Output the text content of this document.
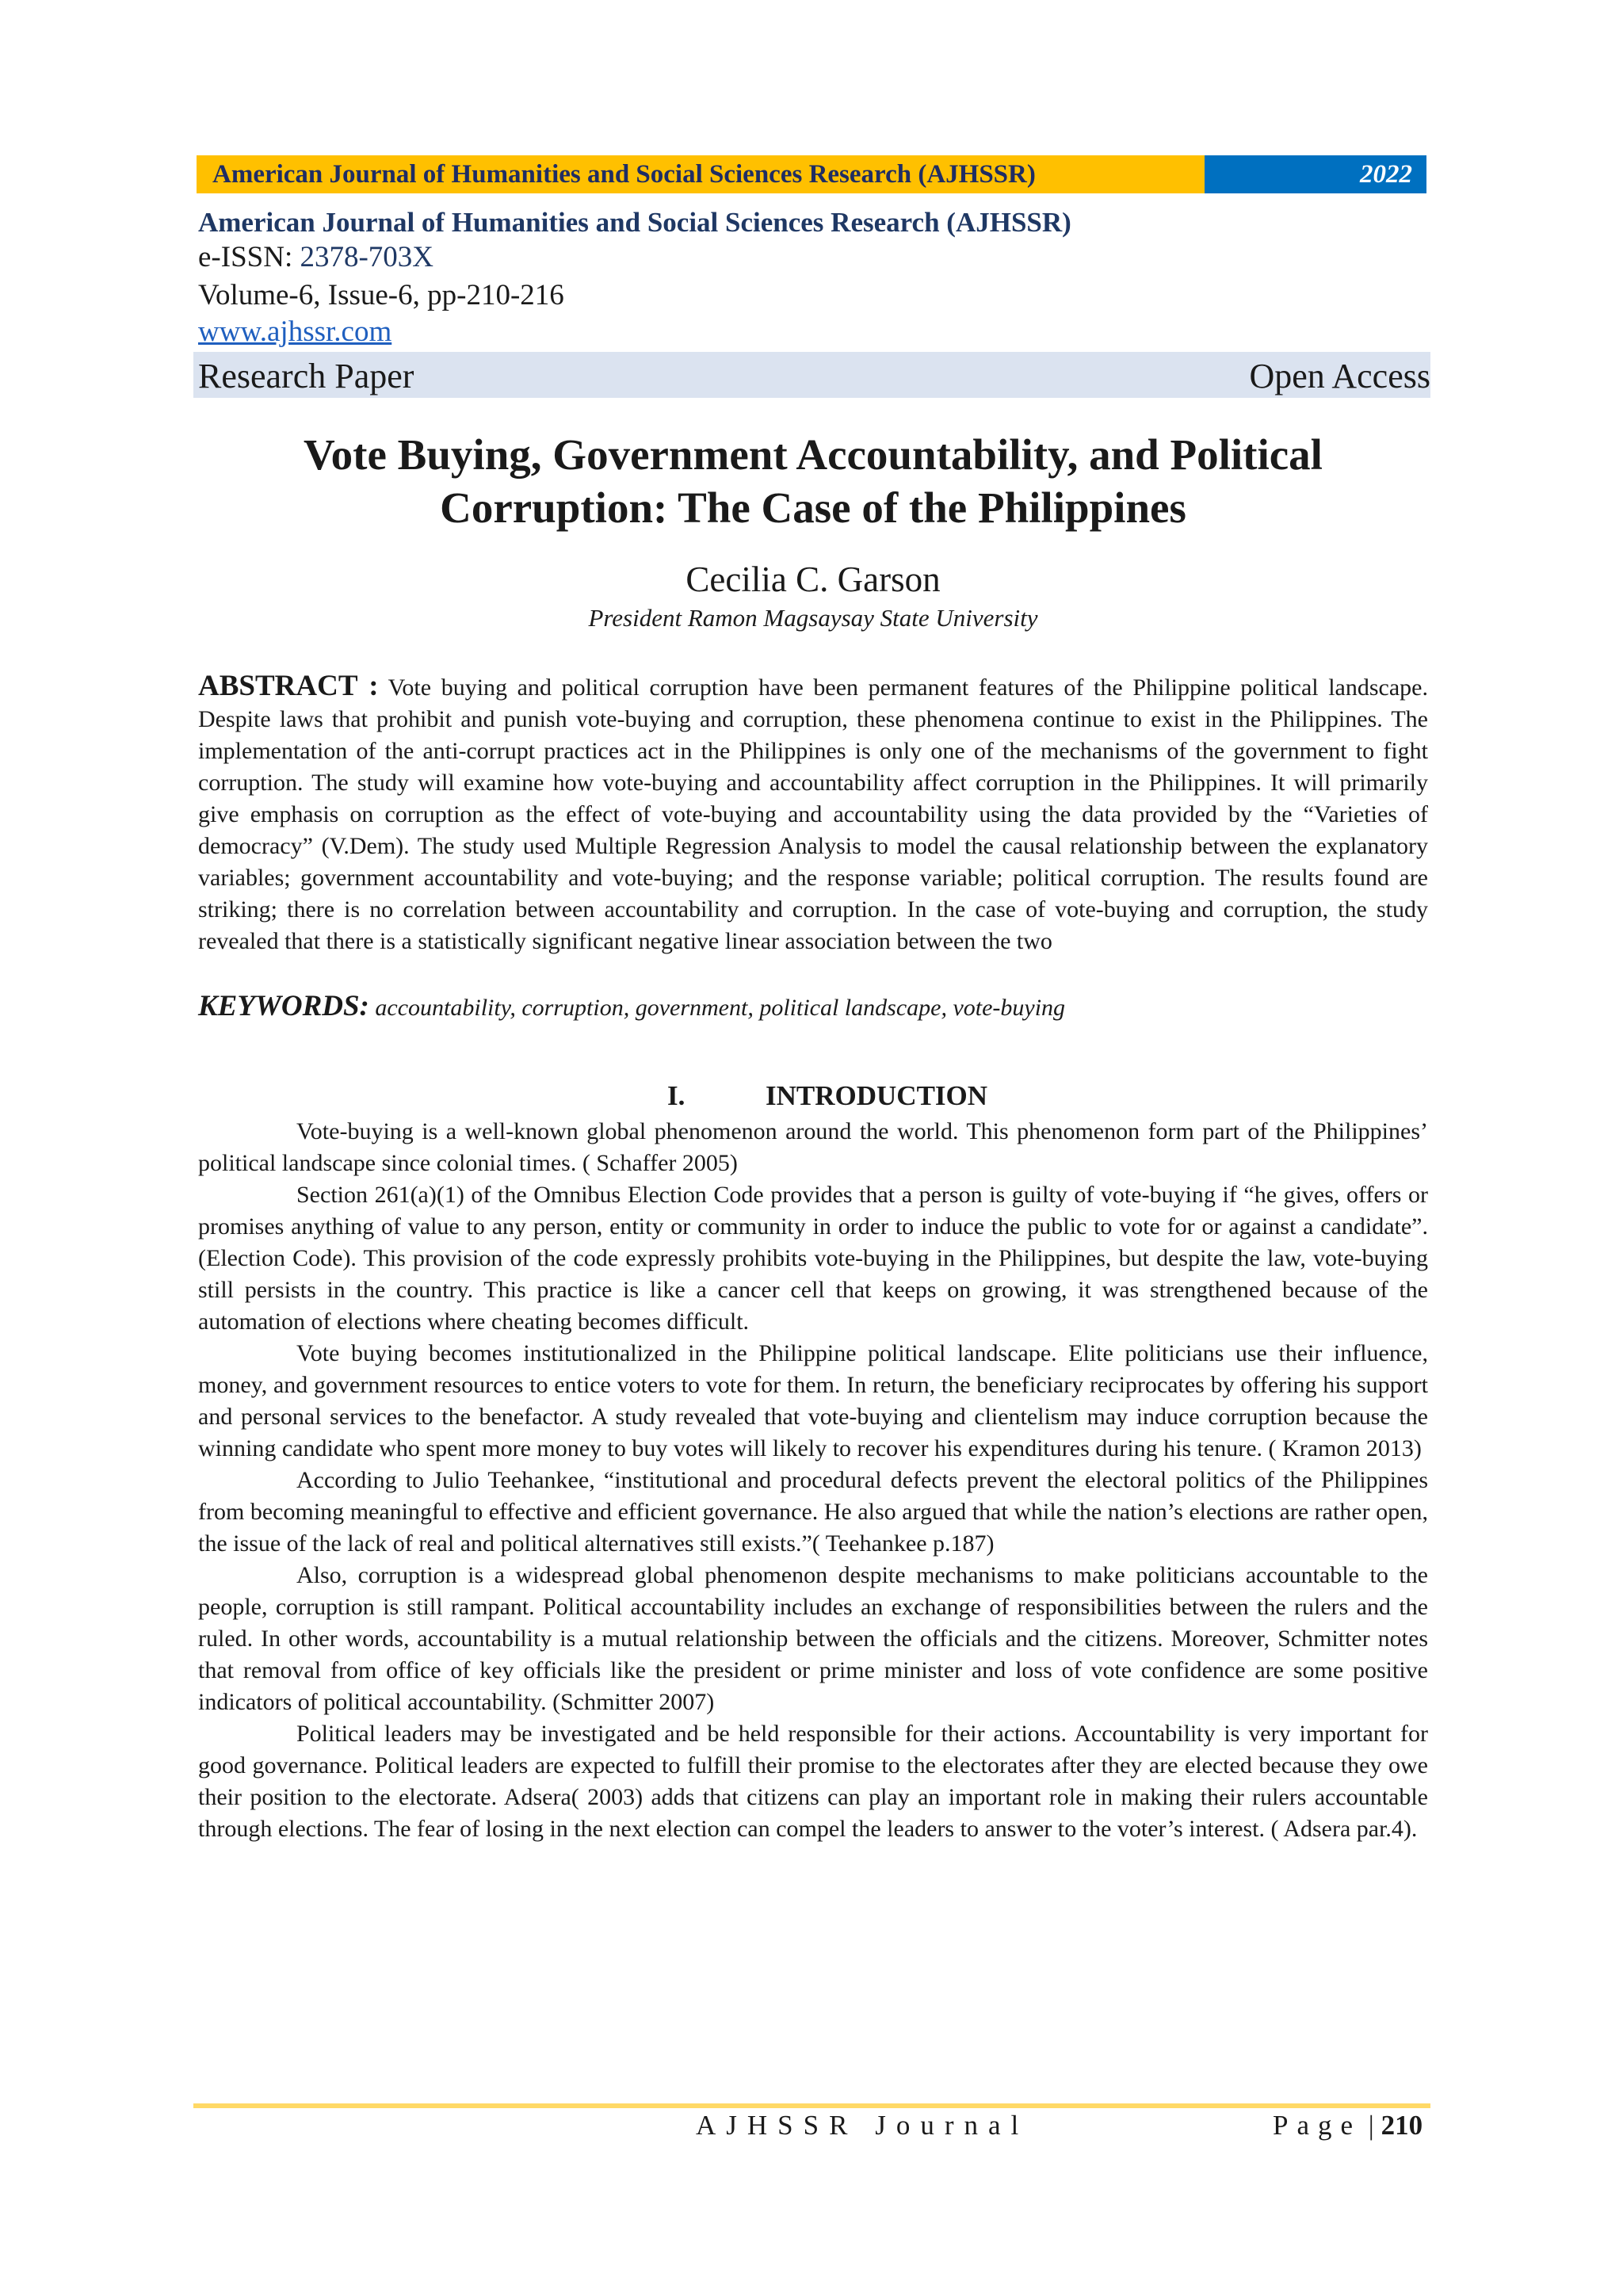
American Journal of Humanities and Social Sciences Research (AJHSSR)	2022
American Journal of Humanities and Social Sciences Research (AJHSSR)
e-ISSN: 2378-703X
Volume-6, Issue-6, pp-210-216
www.ajhssr.com
Research Paper	Open Access
Vote Buying, Government Accountability, and Political Corruption: The Case of the Philippines
Cecilia C. Garson
President Ramon Magsaysay State University
ABSTRACT : Vote buying and political corruption have been permanent features of the Philippine political landscape. Despite laws that prohibit and punish vote-buying and corruption, these phenomena continue to exist in the Philippines. The implementation of the anti-corrupt practices act in the Philippines is only one of the mechanisms of the government to fight corruption. The study will examine how vote-buying and accountability affect corruption in the Philippines. It will primarily give emphasis on corruption as the effect of vote-buying and accountability using the data provided by the “Varieties of democracy” (V.Dem). The study used Multiple Regression Analysis to model the causal relationship between the explanatory variables; government accountability and vote-buying; and the response variable; political corruption. The results found are striking; there is no correlation between accountability and corruption. In the case of vote-buying and corruption, the study revealed that there is a statistically significant negative linear association between the two
KEYWORDS: accountability, corruption, government, political landscape, vote-buying
I.	INTRODUCTION

Vote-buying is a well-known global phenomenon around the world. This phenomenon form part of the Philippines’ political landscape since colonial times. ( Schaffer 2005)

Section 261(a)(1) of the Omnibus Election Code provides that a person is guilty of vote-buying if “he gives, offers or promises anything of value to any person, entity or community in order to induce the public to vote for or against a candidate”. (Election Code). This provision of the code expressly prohibits vote-buying in the Philippines, but despite the law, vote-buying still persists in the country. This practice is like a cancer cell that keeps on growing, it was strengthened because of the automation of elections where cheating becomes difficult.

Vote buying becomes institutionalized in the Philippine political landscape. Elite politicians use their influence, money, and government resources to entice voters to vote for them. In return, the beneficiary reciprocates by offering his support and personal services to the benefactor. A study revealed that vote-buying and clientelism may induce corruption because the winning candidate who spent more money to buy votes will likely to recover his expenditures during his tenure. ( Kramon 2013)

According to Julio Teehankee, “institutional and procedural defects prevent the electoral politics of the Philippines from becoming meaningful to effective and efficient governance. He also argued that while the nation’s elections are rather open, the issue of the lack of real and political alternatives still exists.”( Teehankee p.187)

Also, corruption is a widespread global phenomenon despite mechanisms to make politicians accountable to the people, corruption is still rampant. Political accountability includes an exchange of responsibilities between the rulers and the ruled. In other words, accountability is a mutual relationship between the officials and the citizens. Moreover, Schmitter notes that removal from office of key officials like the president or prime minister and loss of vote confidence are some positive indicators of political accountability. (Schmitter 2007)

Political leaders may be investigated and be held responsible for their actions. Accountability is very important for good governance. Political leaders are expected to fulfill their promise to the electorates after they are elected because they owe their position to the electorate. Adsera( 2003) adds that citizens can play an important role in making their rulers accountable through elections. The fear of losing in the next election can compel the leaders to answer to the voter’s interest. ( Adsera par.4).

AJHSSR Journal	Page | 210
